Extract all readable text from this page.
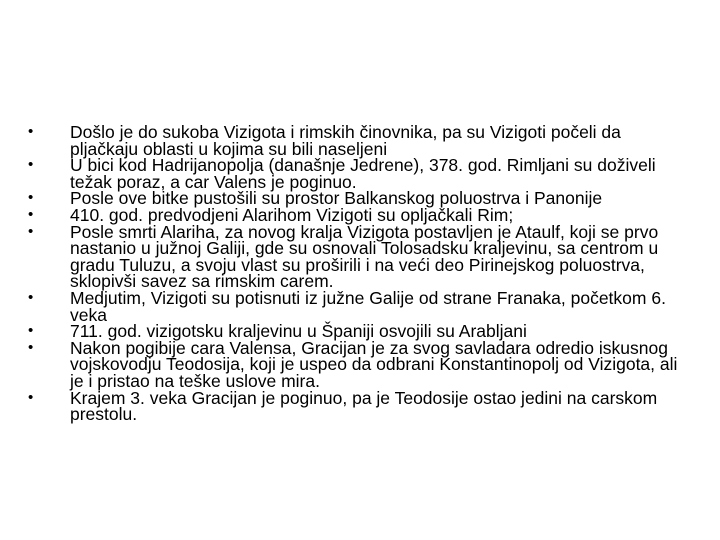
•	Došlo je do sukoba Vizigota i rimskih činovnika, pa su Vizigoti počeli da pljačkaju oblasti u kojima su bili naseljeni
•	U bici kod Hadrijanopolja (današnje Jedrene), 378. god. Rimljani su doživeli težak poraz, a car Valens je poginuo.
•	Posle ove bitke pustošili su prostor Balkanskog poluostrva i Panonije
•	410. god. predvodjeni Alarihom Vizigoti su opljačkali Rim;
•	Posle smrti Alariha, za novog kralja Vizigota postavljen je Ataulf, koji se prvo nastanio u južnoj Galiji, gde su osnovali Tolosadsku kraljevinu, sa centrom u gradu Tuluzu, a svoju vlast su proširili i na veći deo Pirinejskog poluostrva, sklopivši savez sa rimskim carem.
•	Medjutim, Vizigoti su potisnuti iz južne Galije od strane Franaka, početkom 6. veka
•	711. god. vizigotsku kraljevinu u Španiji osvojili su Arabljani
•	Nakon pogibije cara Valensa, Gracijan je za svog savladara odredio iskusnog vojskovodju Teodosija, koji je uspeo da odbrani Konstantinopolj od Vizigota, ali je i pristao na teške uslove mira.
•	Krajem 3. veka Gracijan je poginuo, pa je Teodosije ostao jedini na carskom prestolu.
